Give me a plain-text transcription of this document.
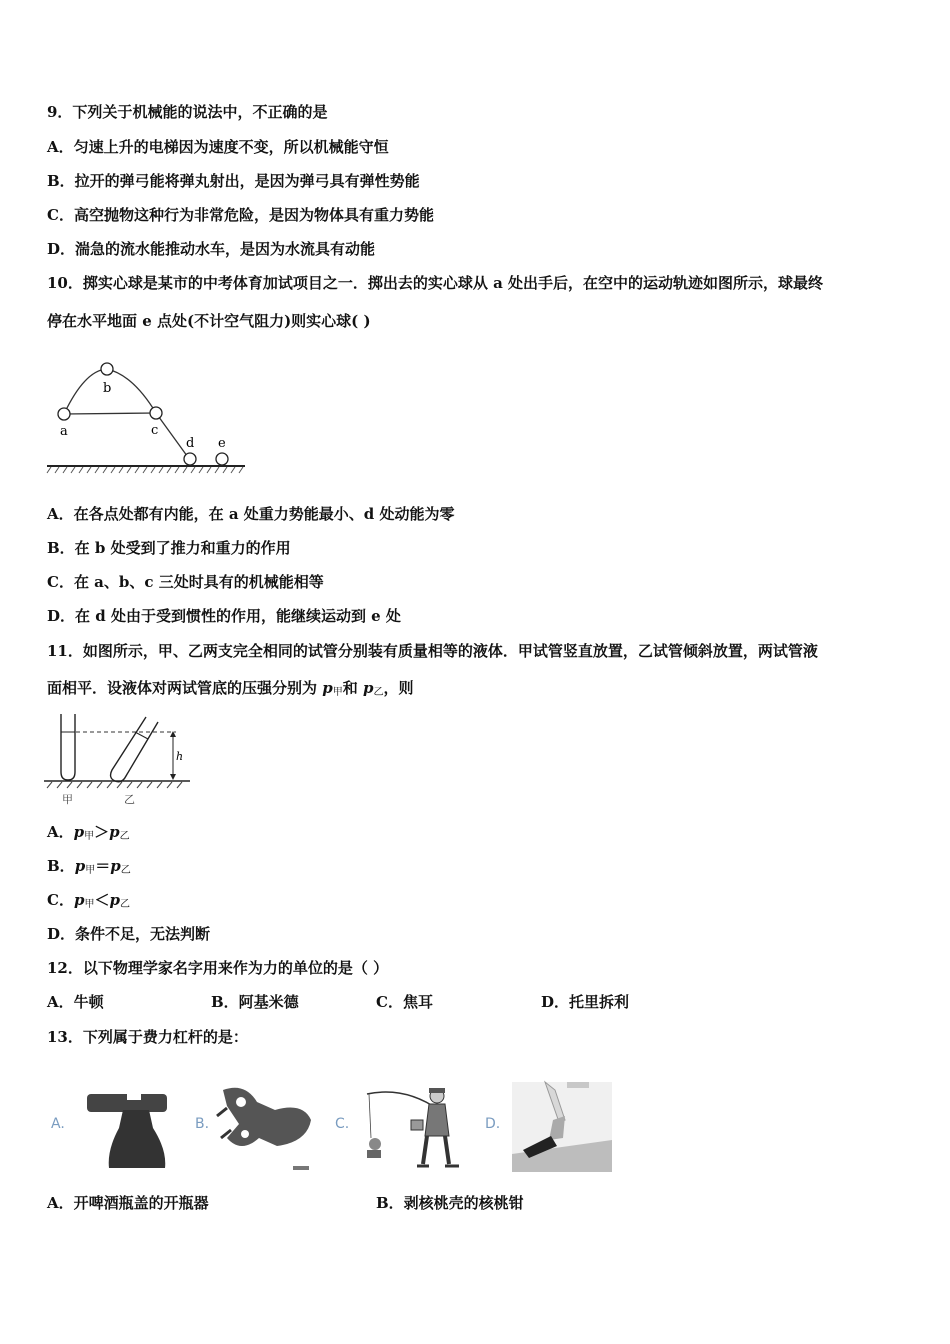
9．下列关于机械能的说法中，不正确的是
A．匀速上升的电梯因为速度不变，所以机械能守恒
B．拉开的弹弓能将弹丸射出，是因为弹弓具有弹性势能
C．高空抛物这种行为非常危险，是因为物体具有重力势能
D．湍急的流水能推动水车，是因为水流具有动能
10．掷实心球是某市的中考体育加试项目之一．掷出去的实心球从 a 处出手后，在空中的运动轨迹如图所示，球最终
停在水平地面 e 点处(不计空气阻力)则实心球( )
a
b
c
d e
A．在各点处都有内能，在 a 处重力势能最小、d 处动能为零
B．在 b 处受到了推力和重力的作用
C．在 a、b、c 三处时具有的机械能相等
D．在 d 处由于受到惯性的作用，能继续运动到 e 处
11．如图所示，甲、乙两支完全相同的试管分别装有质量相等的液体．甲试管竖直放置，乙试管倾斜放置，两试管液
面相平．设液体对两试管底的压强分别为 $p_甲$和 $p_乙$，则
h
甲	乙
A．$p_甲>p_乙$
B．$p_甲=p_乙$
C．$p_甲<p_乙$
D．条件不足，无法判断
12．以下物理学家名字用来作为力的单位的是（ ）
A．牛顿	B．阿基米德	C．焦耳	D．托里拆利
13．下列属于费力杠杆的是：
A.	B.	C.	D.
A．开啤酒瓶盖的开瓶器	B．剥核桃壳的核桃钳
